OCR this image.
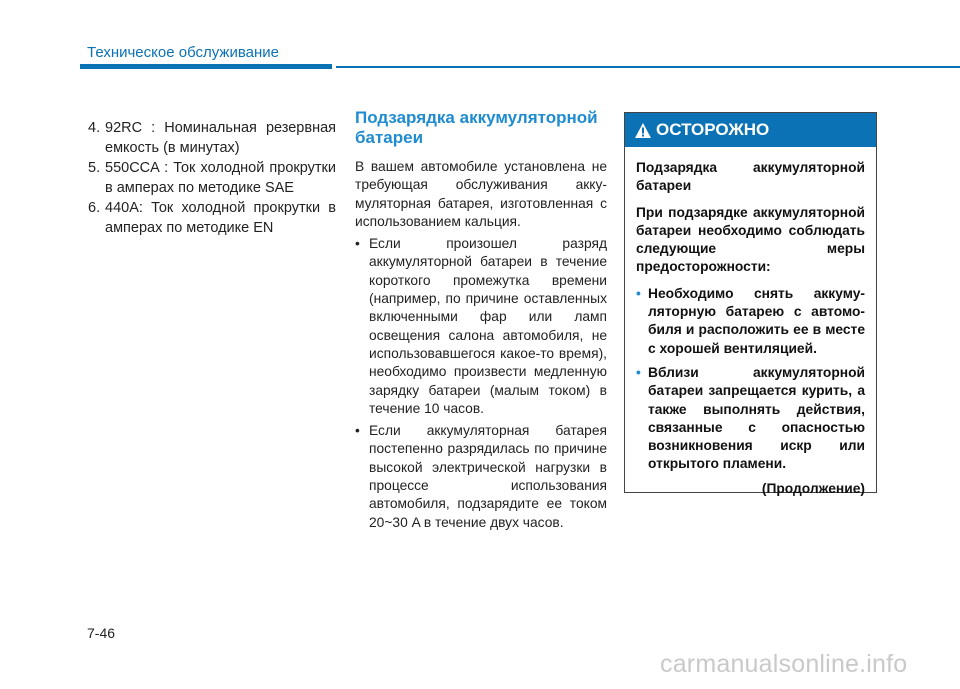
Техническое обслуживание
4. 92RC : Номинальная резервная емкость (в минутах)
5. 550CCA : Ток холодной прокрутки в амперах по методике SAE
6. 440A: Ток холодной прокрутки в амперах по методике EN
Подзарядка аккумуляторной батареи

В вашем автомобиле установлена не требующая обслуживания акку-муляторная батарея, изготовленная с использованием кальция.

• Если произошел разряд аккумуляторной батареи в течение короткого промежутка времени (например, по причине оставленных включенными фар или ламп освещения салона автомобиля, не использовавшегося какое-то время), необходимо произвести медленную зарядку батареи (малым током) в течение 10 часов.
• Если аккумуляторная батарея постепенно разрядилась по причине высокой электрической нагрузки в процессе использования автомобиля, подзарядите ее током 20~30 A в течение двух часов.
ОСТОРОЖНО

Подзарядка аккумуляторной батареи

При подзарядке аккумуляторной батареи необходимо соблюдать следующие меры предосторожности:

• Необходимо снять аккуму-ляторную батарею с автомо-биля и расположить ее в месте с хорошей вентиляцией.
• Вблизи аккумуляторной батареи запрещается курить, а также выполнять действия, связанные с опасностью возникновения искр или открытого пламени.
(Продолжение)
7-46
carmanualsonline.info
